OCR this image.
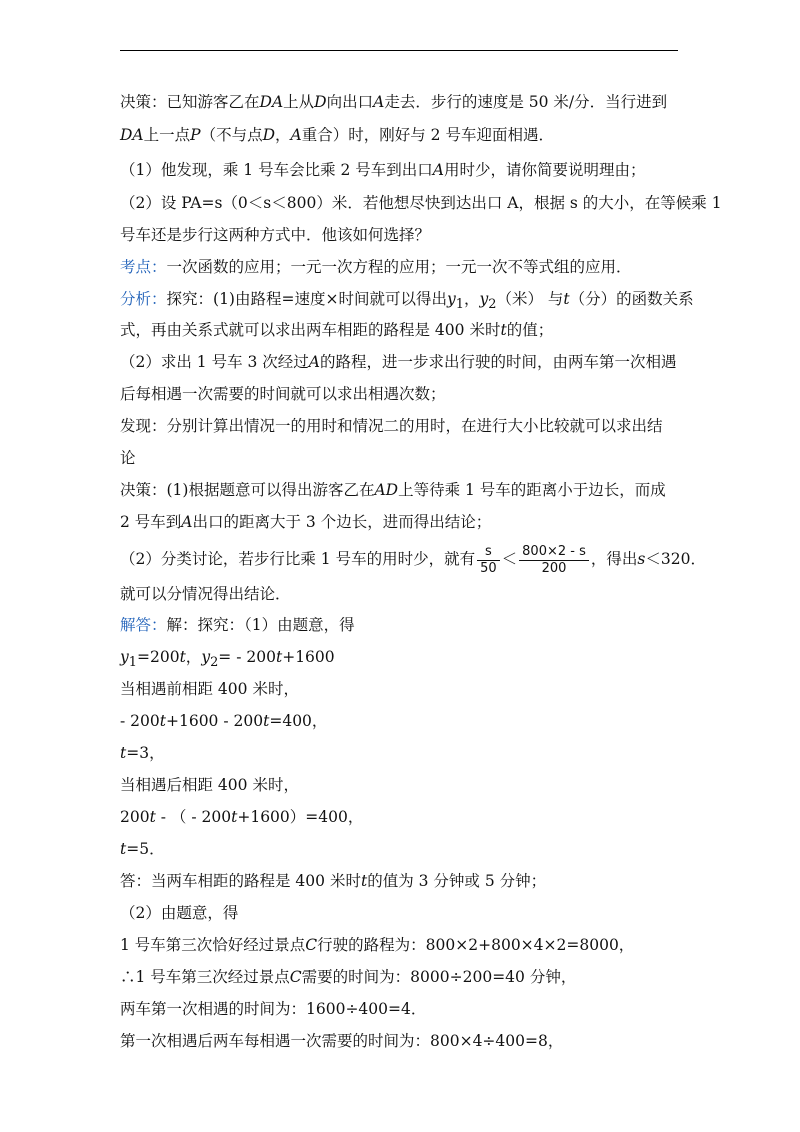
决策：已知游客乙在DA上从D向出口A走去．步行的速度是 50 米/分．当行进到
DA上一点P（不与点D，A重合）时，刚好与 2 号车迎面相遇．
（1）他发现，乘 1 号车会比乘 2 号车到出口A用时少，请你简要说明理由；
（2）设 PA=s（0＜s＜800）米．若他想尽快到达出口 A，根据 s 的大小，在等候乘 1
号车还是步行这两种方式中．他该如何选择？
考点：一次函数的应用；一元一次方程的应用；一元一次不等式组的应用．
分析：探究：(1)由路程=速度×时间就可以得出$y_1$，$y_2$（米） 与t（分）的函数关系
式，再由关系式就可以求出两车相距的路程是 400 米时t的值；
（2）求出 1 号车 3 次经过A的路程，进一步求出行驶的时间，由两车第一次相遇
后每相遇一次需要的时间就可以求出相遇次数；
发现：分别计算出情况一的用时和情况二的用时，在进行大小比较就可以求出结
论
决策：(1)根据题意可以得出游客乙在AD上等待乘 1 号车的距离小于边长，而成
2 号车到A出口的距离大于 3 个边长，进而得出结论；
（2）分类讨论，若步行比乘 1 号车的用时少，就有 $\frac{s}{50} < \frac{800\times 2 - s}{200}$ ，得出s＜320．
就可以分情况得出结论．
解答：解：探究：（1）由题意，得
$y_1=200t$，$y_2= - 200t+1600$
当相遇前相距 400 米时，
- 200t+1600 - 200t=400，
t=3，
当相遇后相距 400 米时，
200t - （ - 200t+1600）=400，
t=5．
答：当两车相距的路程是 400 米时t的值为 3 分钟或 5 分钟；
（2）由题意，得
1 号车第三次恰好经过景点C行驶的路程为：800×2+800×4×2=8000，
∴1 号车第三次经过景点C需要的时间为：8000÷200=40 分钟，
两车第一次相遇的时间为：1600÷400=4．
第一次相遇后两车每相遇一次需要的时间为：800×4÷400=8，
